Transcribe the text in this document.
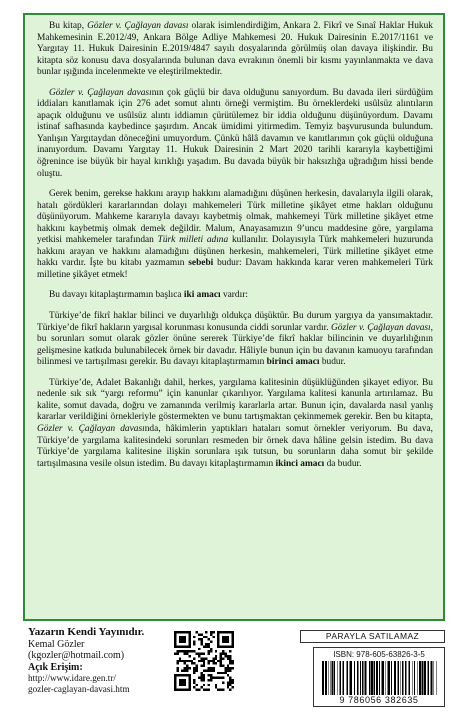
Bu kitap, Gözler v. Çağlayan davası olarak isimlendirdiğim, Ankara 2. Fikrî ve Sınaî Haklar Hukuk Mahkemesinin E.2012/49, Ankara Bölge Adliye Mahkemesi 20. Hukuk Dairesinin E.2017/1161 ve Yargıtay 11. Hukuk Dairesinin E.2019/4847 sayılı dosyalarında görülmüş olan davaya ilişkindir. Bu kitapta söz konusu dava dosyalarında bulunan dava evrakının önemli bir kısmı yayınlanmakta ve dava bunlar ışığında incelenmekte ve eleştirilmektedir.

Gözler v. Çağlayan davasının çok güçlü bir dava olduğunu sanıyordum. Bu davada ileri sürdüğüm iddiaları kanıtlamak için 276 adet somut alıntı örneği vermiştim. Bu örneklerdeki usûlsüz alıntıların apaçık olduğunu ve usûlsüz alıntı iddiamın çürütülemez bir iddia olduğunu düşünüyordum. Davamı istinaf safhasında kaybedince şaşırdım. Ancak ümidimi yitirmedim. Temyiz başvurusunda bulundum. Yanlışın Yargıtaydan döneceğini umuyordum. Çünkü hâlâ davamın ve kanıtlarımın çok güçlü olduğuna inanıyordum. Davamı Yargıtay 11. Hukuk Dairesinin 2 Mart 2020 tarihli kararıyla kaybettiğimi öğrenince ise büyük bir hayal kırıklığı yaşadım. Bu davada büyük bir haksızlığa uğradığım hissi bende oluştu.

Gerek benim, gerekse hakkını arayıp hakkını alamadığını düşünen herkesin, davalarıyla ilgili olarak, hatalı gördükleri kararlarından dolayı mahkemeleri Türk milletine şikâyet etme hakları olduğunu düşünüyorum. Mahkeme kararıyla davayı kaybetmiş olmak, mahkemeyi Türk milletine şikâyet etme hakkını kaybetmiş olmak demek değildir. Malum, Anayasamızın 9’uncu maddesine göre, yargılama yetkisi mahkemeler tarafından Türk milleti adına kullanılır. Dolayısıyla Türk mahkemeleri huzurunda hakkını arayan ve hakkını alamadığını düşünen herkesin, mahkemeleri, Türk milletine şikâyet etme hakkı vardır. İşte bu kitabı yazmamın sebebi budur: Davam hakkında karar veren mahkemeleri Türk milletine şikâyet etmek!

Bu davayı kitaplaştırmamın başlıca iki amacı vardır:

Türkiye’de fikrî haklar bilinci ve duyarlılığı oldukça düşüktür. Bu durum yargıya da yansımaktadır. Türkiye’de fikrî hakların yargısal korunması konusunda ciddi sorunlar vardır. Gözler v. Çağlayan davası, bu sorunları somut olarak gözler önüne sererek Türkiye’de fikrî haklar bilincinin ve duyarlılığının gelişmesine katkıda bulunabilecek örnek bir davadır. Hâliyle bunun için bu davanın kamuoyu tarafından bilinmesi ve tartışılması gerekir. Bu davayı kitaplaştırmamın birinci amacı budur.

Türkiye’de, Adalet Bakanlığı dahil, herkes, yargılama kalitesinin düşüklüğünden şikayet ediyor. Bu nedenle sık sık “yargı reformu” için kanunlar çıkarılıyor. Yargılama kalitesi kanunla artırılamaz. Bu kalite, somut davada, doğru ve zamanında verilmiş kararlarla artar. Bunun için, davalarda nasıl yanlış kararlar verildiğini örnekleriyle göstermekten ve bunu tartışmaktan çekinmemek gerekir. Ben bu kitapta, Gözler v. Çağlayan davasında, hâkimlerin yaptıkları hataları somut örnekler veriyorum. Bu dava, Türkiye’de yargılama kalitesindeki sorunları resmeden bir örnek dava hâline gelsin istedim. Bu dava Türkiye’de yargılama kalitesine ilişkin sorunlara ışık tutsun, bu sorunların daha somut bir şekilde tartışılmasına vesile olsun istedim. Bu davayı kitaplaştırmamın ikinci amacı da budur.

Yazarın Kendi Yayınıdır.
Kemal Gözler
(kgozler@hotmail.com)
Açık Erişim:
http://www.idare.gen.tr/
gozler-caglayan-davasi.htm
PARAYLA SATILAMAZ
ISBN: 978-605-63826-3-5
9 786056 382635
